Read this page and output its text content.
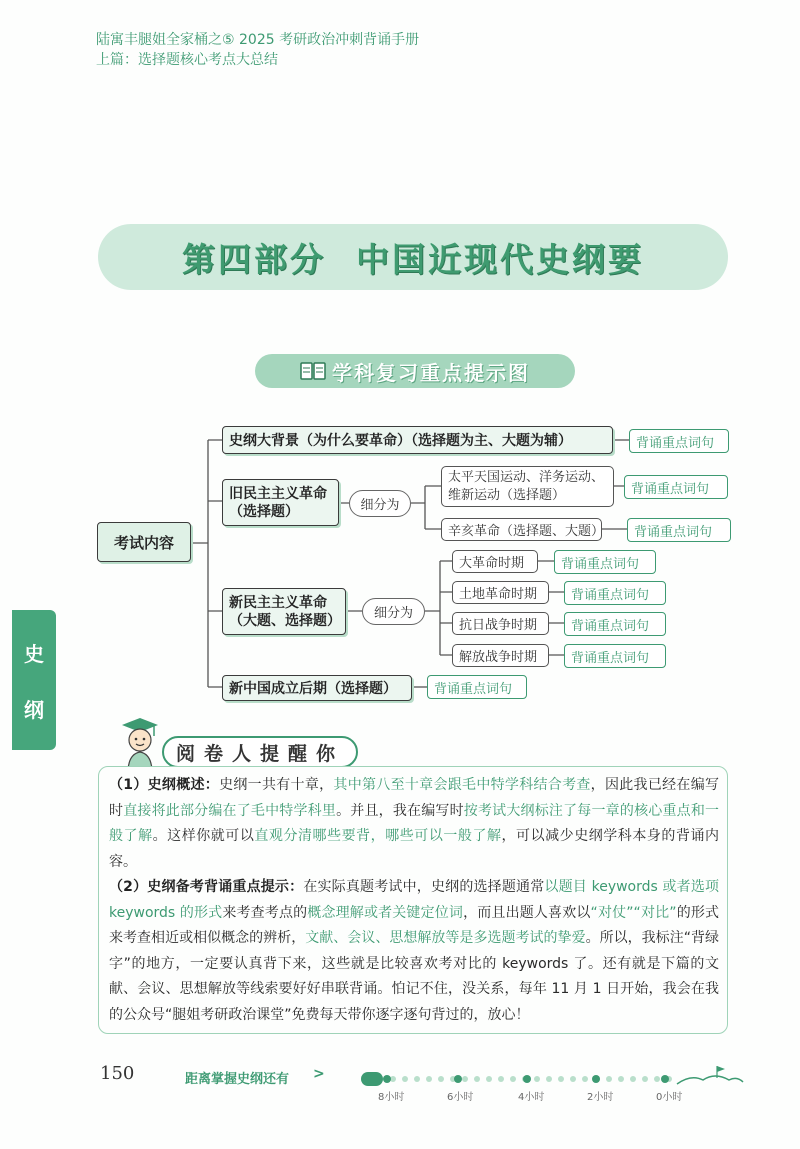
陆寓丰腿姐全家桶之⑤ 2025 考研政治冲刺背诵手册
上篇：选择题核心考点大总结
第四部分 中国近现代史纲要
学科复习重点提示图
考试内容
史纲大背景（为什么要革命）（选择题为主、大题为辅）	背诵重点词句
旧民主主义革命（选择题）	细分为
太平天国运动、洋务运动、维新运动（选择题）	背诵重点词句
辛亥革命（选择题、大题）	背诵重点词句
新民主主义革命（大题、选择题）	细分为
大革命时期	背诵重点词句
土地革命时期	背诵重点词句
抗日战争时期	背诵重点词句
解放战争时期	背诵重点词句
新中国成立后期（选择题）	背诵重点词句
史
纲
阅卷人提醒你

（1）史纲概述：史纲一共有十章，其中第八至十章会跟毛中特学科结合考查，因此我已经在编写时直接将此部分编在了毛中特学科里。并且，我在编写时按考试大纲标注了每一章的核心重点和一般了解。这样你就可以直观分清哪些要背，哪些可以一般了解，可以减少史纲学科本身的背诵内容。

（2）史纲备考背诵重点提示：在实际真题考试中，史纲的选择题通常以题目 keywords 或者选项 keywords 的形式来考查考点的概念理解或者关键定位词，而且出题人喜欢以“对仗”“对比”的形式来考查相近或相似概念的辨析，文献、会议、思想解放等是多选题考试的挚爱。所以，我标注“背绿字”的地方，一定要认真背下来，这些就是比较喜欢考对比的 keywords 了。还有就是下篇的文献、会议、思想解放等线索要好好串联背诵。怕记不住，没关系，每年 11 月 1 日开始，我会在我的公众号“腿姐考研政治课堂”免费每天带你逐字逐句背过的，放心！

150	距离掌握史纲还有 >
8小时	6小时	4小时	2小时	0小时
